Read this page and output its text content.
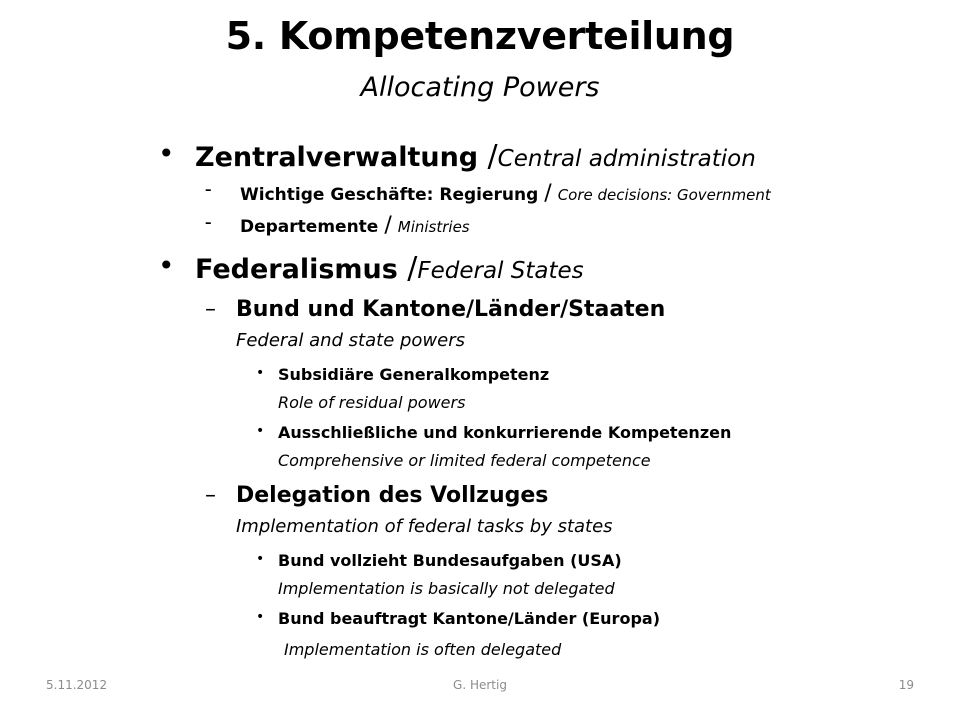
5. Kompetenzverteilung
Allocating Powers
• Zentralverwaltung /Central administration
– Wichtige Geschäfte: Regierung / Core decisions: Government
– Departemente / Ministries
• Federalismus /Federal States
– Bund und Kantone/Länder/Staaten
Federal and state powers
• Subsidiäre Generalkompetenz
Role of residual powers
• Ausschließliche und konkurrierende Kompetenzen
Comprehensive or limited federal competence
– Delegation des Vollzuges
Implementation of federal tasks by states
• Bund vollzieht Bundesaufgaben (USA)
Implementation is basically not delegated
• Bund beauftragt Kantone/Länder (Europa)
Implementation is often delegated
5.11.2012	G. Hertig	19
